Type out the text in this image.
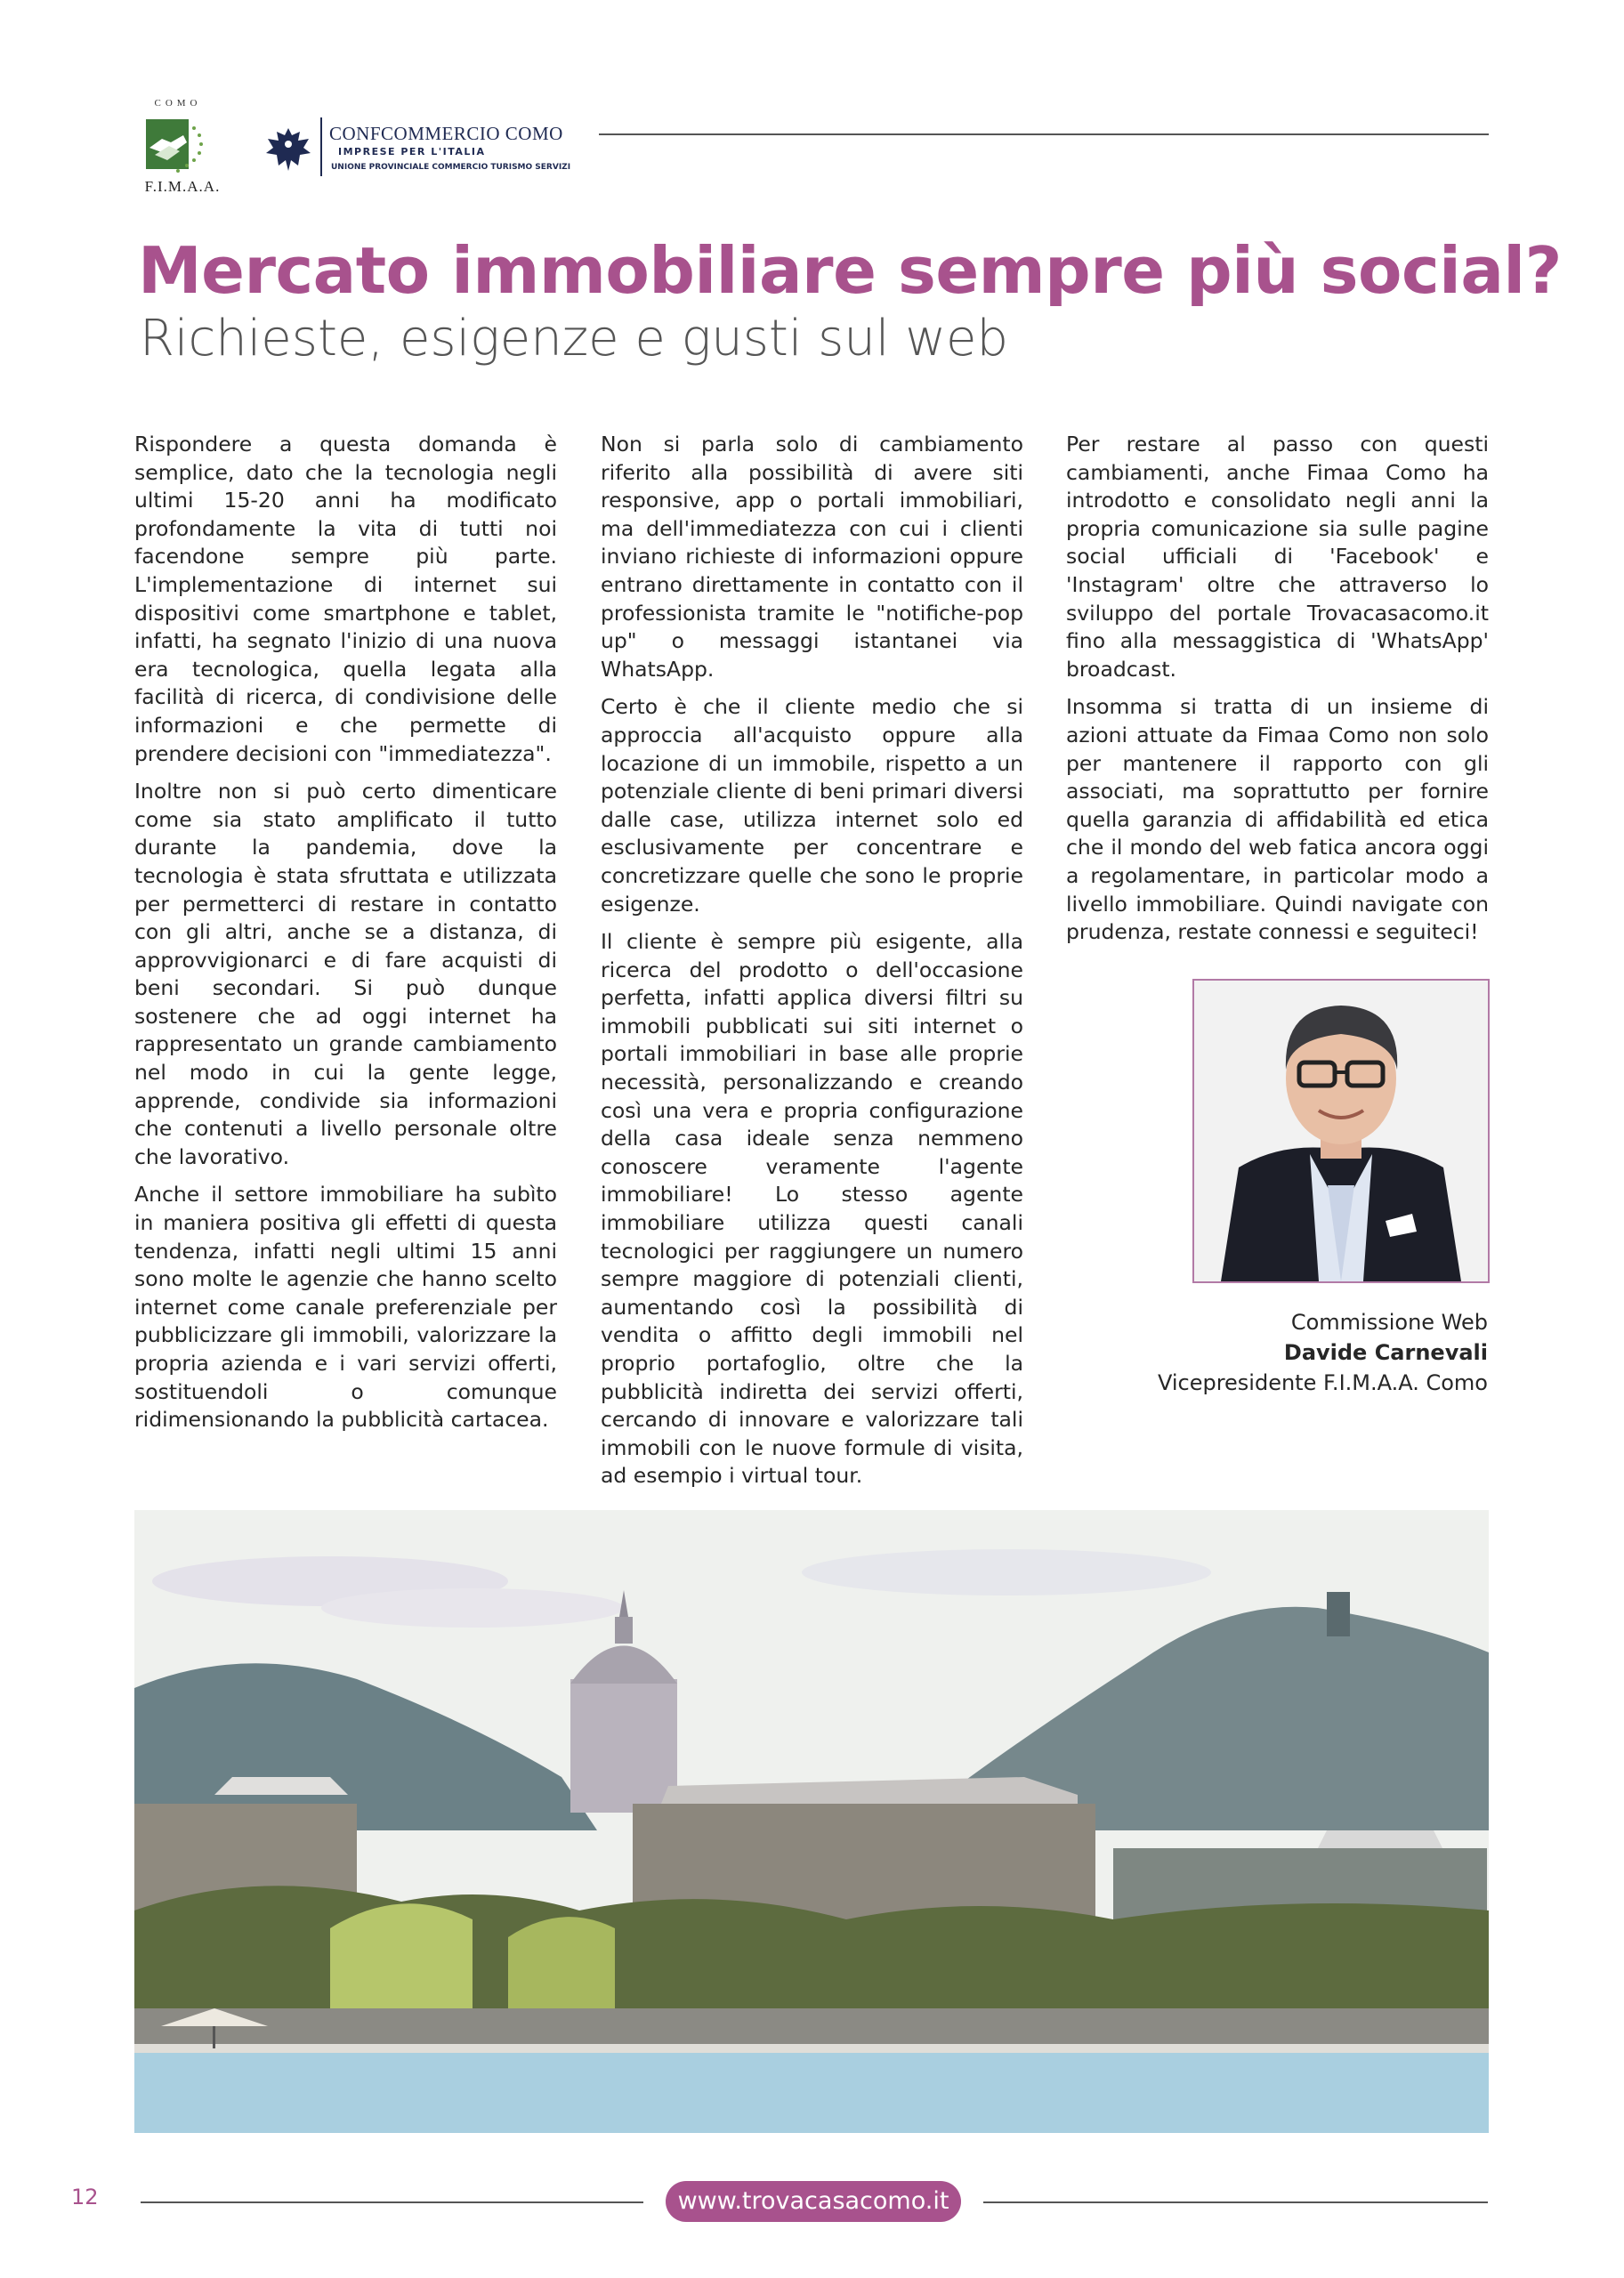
COMO
F.I.M.A.A.
CONFCOMMERCIO COMO
IMPRESE PER L'ITALIA
UNIONE PROVINCIALE COMMERCIO TURISMO SERVIZI
Mercato immobiliare sempre più social?
Richieste, esigenze e gusti sul web

Rispondere a questa domanda è semplice, dato che la tecnologia negli ultimi 15-20 anni ha modificato profondamente la vita di tutti noi facendone sempre più parte. L'implementazione di internet sui dispositivi come smartphone e tablet, infatti, ha segnato l'inizio di una nuova era tecnologica, quella legata alla facilità di ricerca, di condivisione delle informazioni e che permette di prendere decisioni con "immediatezza".

Inoltre non si può certo dimenticare come sia stato amplificato il tutto durante la pandemia, dove la tecnologia è stata sfruttata e utilizzata per permetterci di restare in contatto con gli altri, anche se a distanza, di approvvigionarci e di fare acquisti di beni secondari. Si può dunque sostenere che ad oggi internet ha rappresentato un grande cambiamento nel modo in cui la gente legge, apprende, condivide sia informazioni che contenuti a livello personale oltre che lavorativo.

Anche il settore immobiliare ha subìto in maniera positiva gli effetti di questa tendenza, infatti negli ultimi 15 anni sono molte le agenzie che hanno scelto internet come canale preferenziale per pubblicizzare gli immobili, valorizzare la propria azienda e i vari servizi offerti, sostituendoli o comunque ridimensionando la pubblicità cartacea.

Non si parla solo di cambiamento riferito alla possibilità di avere siti responsive, app o portali immobiliari, ma dell'immediatezza con cui i clienti inviano richieste di informazioni oppure entrano direttamente in contatto con il professionista tramite le "notifiche-pop up" o messaggi istantanei via WhatsApp.

Certo è che il cliente medio che si approccia all'acquisto oppure alla locazione di un immobile, rispetto a un potenziale cliente di beni primari diversi dalle case, utilizza internet solo ed esclusivamente per concentrare e concretizzare quelle che sono le proprie esigenze.

Il cliente è sempre più esigente, alla ricerca del prodotto o dell'occasione perfetta, infatti applica diversi filtri su immobili pubblicati sui siti internet o portali immobiliari in base alle proprie necessità, personalizzando e creando così una vera e propria configurazione della casa ideale senza nemmeno conoscere veramente l'agente immobiliare! Lo stesso agente immobiliare utilizza questi canali tecnologici per raggiungere un numero sempre maggiore di potenziali clienti, aumentando così la possibilità di vendita o affitto degli immobili nel proprio portafoglio, oltre che la pubblicità indiretta dei servizi offerti, cercando di innovare e valorizzare tali immobili con le nuove formule di visita, ad esempio i virtual tour.

Per restare al passo con questi cambiamenti, anche Fimaa Como ha introdotto e consolidato negli anni la propria comunicazione sia sulle pagine social ufficiali di 'Facebook' e 'Instagram' oltre che attraverso lo sviluppo del portale Trovacasacomo.it fino alla messaggistica di 'WhatsApp' broadcast.

Insomma si tratta di un insieme di azioni attuate da Fimaa Como non solo per mantenere il rapporto con gli associati, ma soprattutto per fornire quella garanzia di affidabilità ed etica che il mondo del web fatica ancora oggi a regolamentare, in particolar modo a livello immobiliare. Quindi navigate con prudenza, restate connessi e seguiteci!

Commissione Web
Davide Carnevali
Vicepresidente F.I.M.A.A. Como
12	www.trovacasacomo.it
